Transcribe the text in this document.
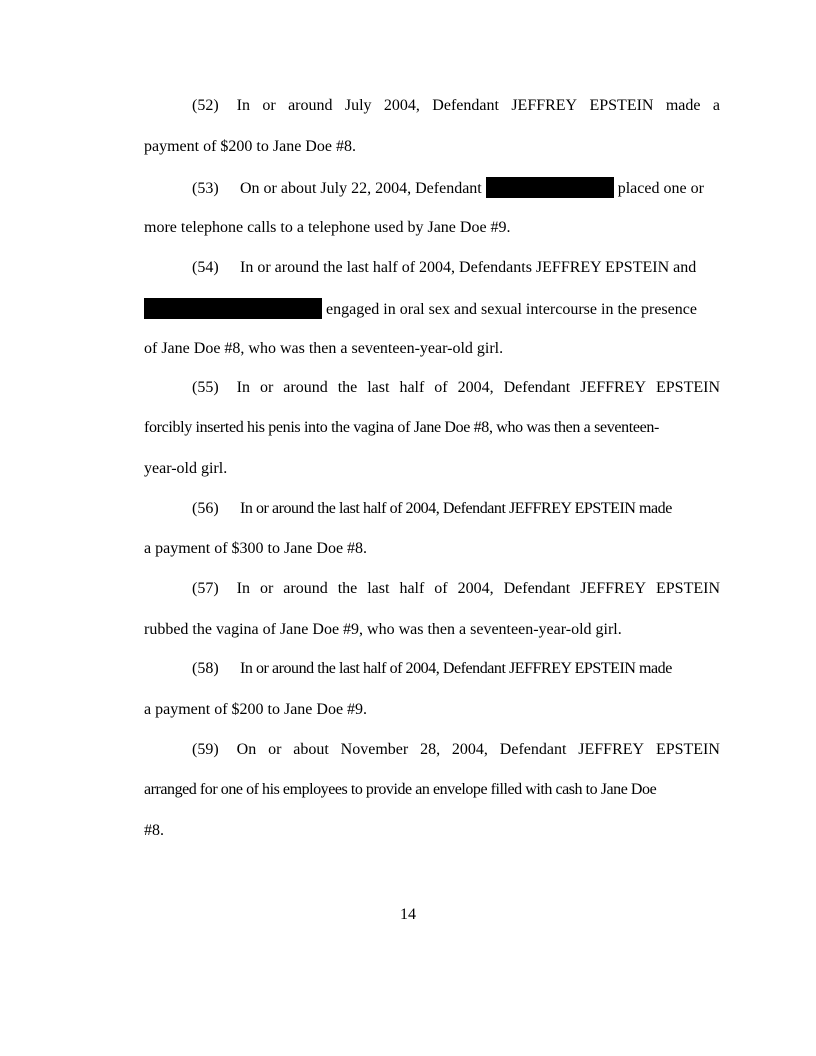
(52) In or around July 2004, Defendant JEFFREY EPSTEIN made a
payment of $200 to Jane Doe #8.
(53) On or about July 22, 2004, Defendant	placed one or
more telephone calls to a telephone used by Jane Doe #9.
(54) In or around the last half of 2004, Defendants JEFFREY EPSTEIN and
engaged in oral sex and sexual intercourse in the presence
of Jane Doe #8, who was then a seventeen-year-old girl.
(55) In or around the last half of 2004, Defendant JEFFREY EPSTEIN
forcibly inserted his penis into the vagina of Jane Doe #8, who was then a seventeen-
year-old girl.
(56) In or around the last half of 2004, Defendant JEFFREY EPSTEIN made
a payment of $300 to Jane Doe #8.
(57) In or around the last half of 2004, Defendant JEFFREY EPSTEIN
rubbed the vagina of Jane Doe #9, who was then a seventeen-year-old girl.
(58) In or around the last half of 2004, Defendant JEFFREY EPSTEIN made
a payment of $200 to Jane Doe #9.
(59) On or about November 28, 2004, Defendant JEFFREY EPSTEIN
arranged for one of his employees to provide an envelope filled with cash to Jane Doe
#8.
14
